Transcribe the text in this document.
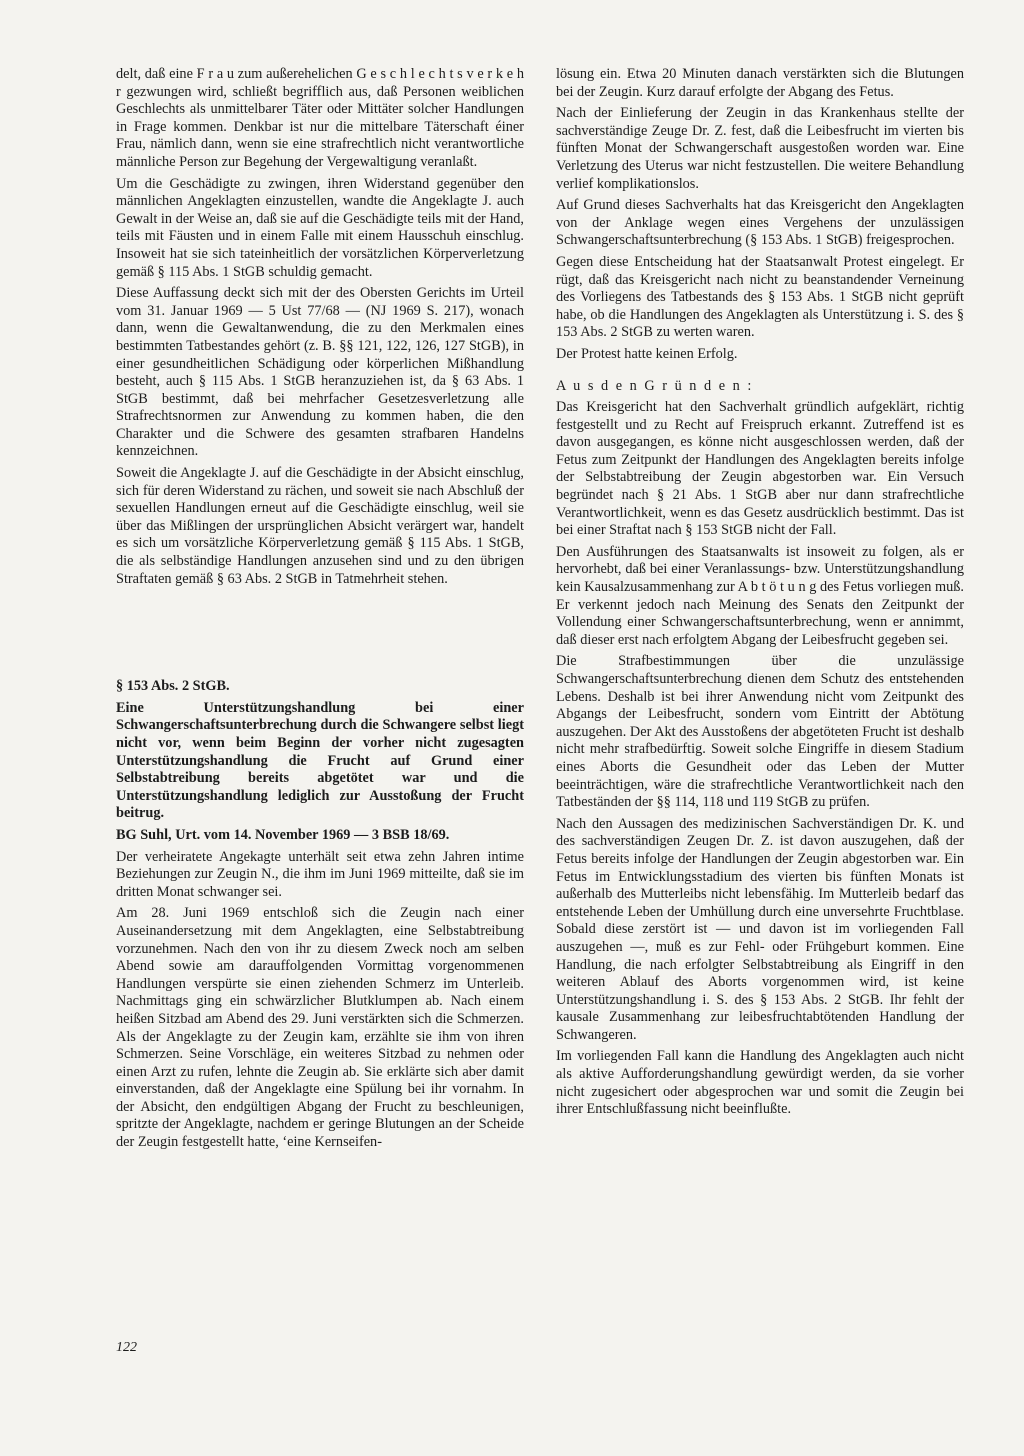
delt, daß eine F r a u zum außerehelichen G e s c h l e c h t s v e r k e h r gezwungen wird, schließt begrifflich aus, daß Personen weiblichen Geschlechts als unmittelbarer Täter oder Mittäter solcher Handlungen in Frage kommen. Denkbar ist nur die mittelbare Täterschaft éiner Frau, nämlich dann, wenn sie eine strafrechtlich nicht verantwortliche männliche Person zur Begehung der Vergewaltigung veranlaßt.

Um die Geschädigte zu zwingen, ihren Widerstand gegenüber den männlichen Angeklagten einzustellen, wandte die Angeklagte J. auch Gewalt in der Weise an, daß sie auf die Geschädigte teils mit der Hand, teils mit Fäusten und in einem Falle mit einem Hausschuh einschlug. Insoweit hat sie sich tateinheitlich der vorsätzlichen Körperverletzung gemäß § 115 Abs. 1 StGB schuldig gemacht.

Diese Auffassung deckt sich mit der des Obersten Gerichts im Urteil vom 31. Januar 1969 — 5 Ust 77/68 — (NJ 1969 S. 217), wonach dann, wenn die Gewaltanwendung, die zu den Merkmalen eines bestimmten Tatbestandes gehört (z. B. §§ 121, 122, 126, 127 StGB), in einer gesundheitlichen Schädigung oder körperlichen Mißhandlung besteht, auch § 115 Abs. 1 StGB heranzuziehen ist, da § 63 Abs. 1 StGB bestimmt, daß bei mehrfacher Gesetzesverletzung alle Strafrechtsnormen zur Anwendung zu kommen haben, die den Charakter und die Schwere des gesamten strafbaren Handelns kennzeichnen.

Soweit die Angeklagte J. auf die Geschädigte in der Absicht einschlug, sich für deren Widerstand zu rächen, und soweit sie nach Abschluß der sexuellen Handlungen erneut auf die Geschädigte einschlug, weil sie über das Mißlingen der ursprünglichen Absicht verärgert war, handelt es sich um vorsätzliche Körperverletzung gemäß § 115 Abs. 1 StGB, die als selbständige Handlungen anzusehen sind und zu den übrigen Straftaten gemäß § 63 Abs. 2 StGB in Tatmehrheit stehen.

§ 153 Abs. 2 StGB.

Eine Unterstützungshandlung bei einer Schwangerschaftsunterbrechung durch die Schwangere selbst liegt nicht vor, wenn beim Beginn der vorher nicht zugesagten Unterstützungshandlung die Frucht auf Grund einer Selbstabtreibung bereits abgetötet war und die Unterstützungshandlung lediglich zur Ausstoßung der Frucht beitrug.

BG Suhl, Urt. vom 14. November 1969 — 3 BSB 18/69.

Der verheiratete Angekagte unterhält seit etwa zehn Jahren intime Beziehungen zur Zeugin N., die ihm im Juni 1969 mitteilte, daß sie im dritten Monat schwanger sei.

Am 28. Juni 1969 entschloß sich die Zeugin nach einer Auseinandersetzung mit dem Angeklagten, eine Selbstabtreibung vorzunehmen. Nach den von ihr zu diesem Zweck noch am selben Abend sowie am darauffolgenden Vormittag vorgenommenen Handlungen verspürte sie einen ziehenden Schmerz im Unterleib. Nachmittags ging ein schwärzlicher Blutklumpen ab. Nach einem heißen Sitzbad am Abend des 29. Juni verstärkten sich die Schmerzen. Als der Angeklagte zu der Zeugin kam, erzählte sie ihm von ihren Schmerzen. Seine Vorschläge, ein weiteres Sitzbad zu nehmen oder einen Arzt zu rufen, lehnte die Zeugin ab. Sie erklärte sich aber damit einverstanden, daß der Angeklagte eine Spülung bei ihr vornahm. In der Absicht, den endgültigen Abgang der Frucht zu beschleunigen, spritzte der Angeklagte, nachdem er geringe Blutungen an der Scheide der Zeugin festgestellt hatte, ‘eine Kernseifen-

lösung ein. Etwa 20 Minuten danach verstärkten sich die Blutungen bei der Zeugin. Kurz darauf erfolgte der Abgang des Fetus.

Nach der Einlieferung der Zeugin in das Krankenhaus stellte der sachverständige Zeuge Dr. Z. fest, daß die Leibesfrucht im vierten bis fünften Monat der Schwangerschaft ausgestoßen worden war. Eine Verletzung des Uterus war nicht festzustellen. Die weitere Behandlung verlief komplikationslos.

Auf Grund dieses Sachverhalts hat das Kreisgericht den Angeklagten von der Anklage wegen eines Vergehens der unzulässigen Schwangerschaftsunterbrechung (§ 153 Abs. 1 StGB) freigesprochen.

Gegen diese Entscheidung hat der Staatsanwalt Protest eingelegt. Er rügt, daß das Kreisgericht nach nicht zu beanstandender Verneinung des Vorliegens des Tatbestands des § 153 Abs. 1 StGB nicht geprüft habe, ob die Handlungen des Angeklagten als Unterstützung i. S. des § 153 Abs. 2 StGB zu werten waren.

Der Protest hatte keinen Erfolg.

A u s d e n G r ü n d e n :

Das Kreisgericht hat den Sachverhalt gründlich aufgeklärt, richtig festgestellt und zu Recht auf Freispruch erkannt. Zutreffend ist es davon ausgegangen, es könne nicht ausgeschlossen werden, daß der Fetus zum Zeitpunkt der Handlungen des Angeklagten bereits infolge der Selbstabtreibung der Zeugin abgestorben war. Ein Versuch begründet nach § 21 Abs. 1 StGB aber nur dann strafrechtliche Verantwortlichkeit, wenn es das Gesetz ausdrücklich bestimmt. Das ist bei einer Straftat nach § 153 StGB nicht der Fall.

Den Ausführungen des Staatsanwalts ist insoweit zu folgen, als er hervorhebt, daß bei einer Veranlassungs- bzw. Unterstützungshandlung kein Kausalzusammenhang zur A b t ö t u n g des Fetus vorliegen muß. Er verkennt jedoch nach Meinung des Senats den Zeitpunkt der Vollendung einer Schwangerschaftsunterbrechung, wenn er annimmt, daß dieser erst nach erfolgtem Abgang der Leibesfrucht gegeben sei.

Die Strafbestimmungen über die unzulässige Schwangerschaftsunterbrechung dienen dem Schutz des entstehenden Lebens. Deshalb ist bei ihrer Anwendung nicht vom Zeitpunkt des Abgangs der Leibesfrucht, sondern vom Eintritt der Abtötung auszugehen. Der Akt des Ausstoßens der abgetöteten Frucht ist deshalb nicht mehr strafbedürftig. Soweit solche Eingriffe in diesem Stadium eines Aborts die Gesundheit oder das Leben der Mutter beeinträchtigen, wäre die strafrechtliche Verantwortlichkeit nach den Tatbeständen der §§ 114, 118 und 119 StGB zu prüfen.

Nach den Aussagen des medizinischen Sachverständigen Dr. K. und des sachverständigen Zeugen Dr. Z. ist davon auszugehen, daß der Fetus bereits infolge der Handlungen der Zeugin abgestorben war. Ein Fetus im Entwicklungsstadium des vierten bis fünften Monats ist außerhalb des Mutterleibs nicht lebensfähig. Im Mutterleib bedarf das entstehende Leben der Umhüllung durch eine unversehrte Fruchtblase. Sobald diese zerstört ist — und davon ist im vorliegenden Fall auszugehen —, muß es zur Fehl- oder Frühgeburt kommen. Eine Handlung, die nach erfolgter Selbstabtreibung als Eingriff in den weiteren Ablauf des Aborts vorgenommen wird, ist keine Unterstützungshandlung i. S. des § 153 Abs. 2 StGB. Ihr fehlt der kausale Zusammenhang zur leibesfruchtabtötenden Handlung der Schwangeren.

Im vorliegenden Fall kann die Handlung des Angeklagten auch nicht als aktive Aufforderungshandlung gewürdigt werden, da sie vorher nicht zugesichert oder abgesprochen war und somit die Zeugin bei ihrer Entschlußfassung nicht beeinflußte.

122
